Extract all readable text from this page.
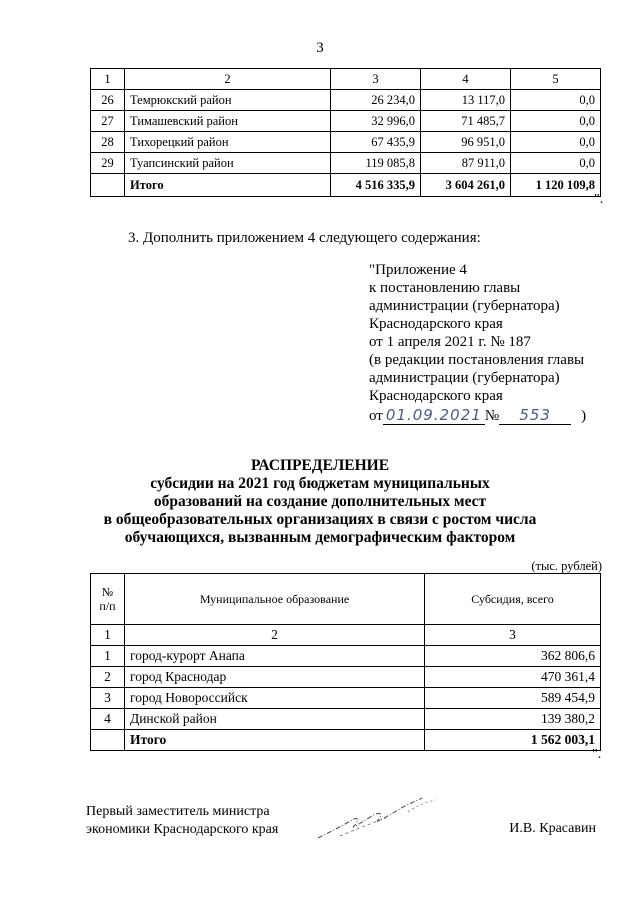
3
1	2	3	4	5
26	Темрюкский район	26 234,0	13 117,0	0,0
27	Тимашевский район	32 996,0	71 485,7	0,0
28	Тихорецкий район	67 435,9	96 951,0	0,0
29	Туапсинский район	119 085,8	87 911,0	0,0
	Итого	4 516 335,9	3 604 261,0	1 120 109,8
".
3. Дополнить приложением 4 следующего содержания:
"Приложение 4
к постановлению главы
администрации (губернатора)
Краснодарского края
от 1 апреля 2021 г. № 187
(в редакции постановления главы
администрации (губернатора)
Краснодарского края
от 01.09.2021 № 553 )
РАСПРЕДЕЛЕНИЕ
субсидии на 2021 год бюджетам муниципальных
образований на создание дополнительных мест
в общеобразовательных организациях в связи с ростом числа
обучающихся, вызванным демографическим фактором
(тыс. рублей)
№ п/п	Муниципальное образование	Субсидия, всего
1	2	3
1	город-курорт Анапа	362 806,6
2	город Краснодар	470 361,4
3	город Новороссийск	589 454,9
4	Динской район	139 380,2
	Итого	1 562 003,1
".
Первый заместитель министра
экономики Краснодарского края	И.В. Красавин
